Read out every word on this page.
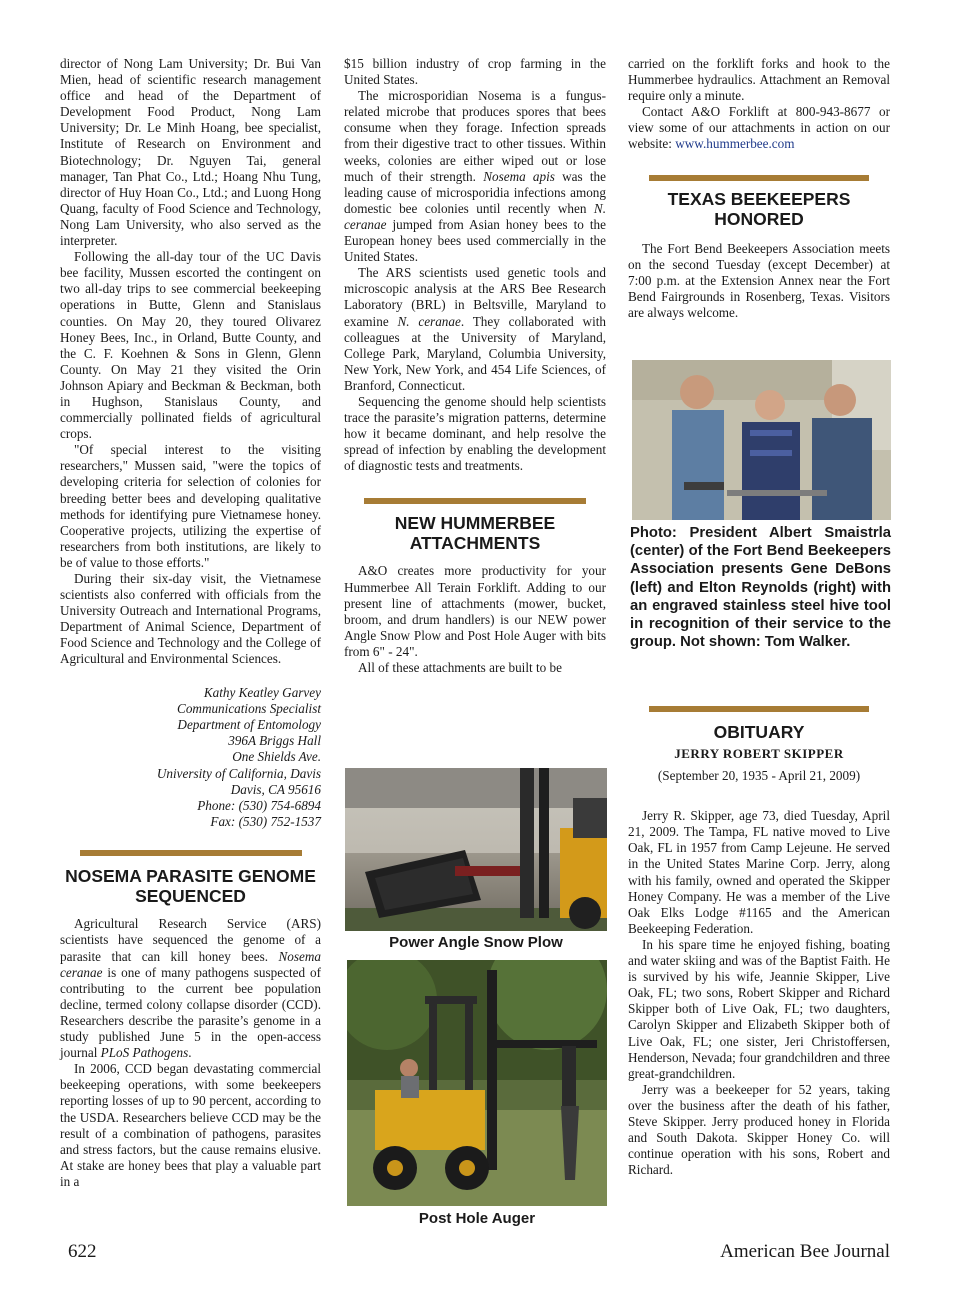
director of Nong Lam University; Dr. Bui Van Mien, head of scientific research management office and head of the Department of Development Food Product, Nong Lam University; Dr. Le Minh Hoang, bee specialist, Institute of Research on Environment and Biotechnology; Dr. Nguyen Tai, general manager, Tan Phat Co., Ltd.; Hoang Nhu Tung, director of Huy Hoan Co., Ltd.; and Luong Hong Quang, faculty of Food Science and Technology, Nong Lam University, who also served as the interpreter.

Following the all-day tour of the UC Davis bee facility, Mussen escorted the contingent on two all-day trips to see commercial beekeeping operations in Butte, Glenn and Stanislaus counties. On May 20, they toured Olivarez Honey Bees, Inc., in Orland, Butte County, and the C. F. Koehnen & Sons in Glenn, Glenn County. On May 21 they visited the Orin Johnson Apiary and Beckman & Beckman, both in Hughson, Stanislaus County, and commercially pollinated fields of agricultural crops.

"Of special interest to the visiting researchers," Mussen said, "were the topics of developing criteria for selection of colonies for breeding better bees and developing qualitative methods for identifying pure Vietnamese honey. Cooperative projects, utilizing the expertise of researchers from both institutions, are likely to be of value to those efforts."

During their six-day visit, the Vietnamese scientists also conferred with officials from the University Outreach and International Programs, Department of Animal Science, Department of Food Science and Technology and the College of Agricultural and Environmental Sciences.

Kathy Keatley Garvey
Communications Specialist
Department of Entomology
396A Briggs Hall
One Shields Ave.
University of California, Davis
Davis, CA 95616
Phone: (530) 754-6894
Fax: (530) 752-1537
NOSEMA PARASITE GENOME SEQUENCED

Agricultural Research Service (ARS) scientists have sequenced the genome of a parasite that can kill honey bees. Nosema ceranae is one of many pathogens suspected of contributing to the current bee population decline, termed colony collapse disorder (CCD). Researchers describe the parasite’s genome in a study published June 5 in the open-access journal PLoS Pathogens.

In 2006, CCD began devastating commercial beekeeping operations, with some beekeepers reporting losses of up to 90 percent, according to the USDA. Researchers believe CCD may be the result of a combination of pathogens, parasites and stress factors, but the cause remains elusive. At stake are honey bees that play a valuable part in a

$15 billion industry of crop farming in the United States.

The microsporidian Nosema is a fungus-related microbe that produces spores that bees consume when they forage. Infection spreads from their digestive tract to other tissues. Within weeks, colonies are either wiped out or lose much of their strength. Nosema apis was the leading cause of microsporidia infections among domestic bee colonies until recently when N. ceranae jumped from Asian honey bees to the European honey bees used commercially in the United States.

The ARS scientists used genetic tools and microscopic analysis at the ARS Bee Research Laboratory (BRL) in Beltsville, Maryland to examine N. ceranae. They collaborated with colleagues at the University of Maryland, College Park, Maryland, Columbia University, New York, New York, and 454 Life Sciences, of Branford, Connecticut.

Sequencing the genome should help scientists trace the parasite’s migration patterns, determine how it became dominant, and help resolve the spread of infection by enabling the development of diagnostic tests and treatments.

NEW HUMMERBEE ATTACHMENTS

A&O creates more productivity for your Hummerbee All Terain Forklift. Adding to our present line of attachments (mower, bucket, broom, and drum handlers) is our NEW power Angle Snow Plow and Post Hole Auger with bits from 6" - 24".

All of these attachments are built to be

Power Angle Snow Plow
Post Hole Auger

carried on the forklift forks and hook to the Hummerbee hydraulics. Attachment an Removal require only a minute.

Contact A&O Forklift at 800-943-8677 or view some of our attachments in action on our website: www.hummerbee.com

TEXAS BEEKEEPERS HONORED

The Fort Bend Beekeepers Association meets on the second Tuesday (except December) at 7:00 p.m. at the Extension Annex near the Fort Bend Fairgrounds in Rosenberg, Texas. Visitors are always welcome.

Photo: President Albert Smaistrla (center) of the Fort Bend Beekeepers Association presents Gene DeBons (left) and Elton Reynolds (right) with an engraved stainless steel hive tool in recognition of their service to the group. Not shown: Tom Walker.
OBITUARY
JERRY ROBERT SKIPPER
(September 20, 1935 - April 21, 2009)

Jerry R. Skipper, age 73, died Tuesday, April 21, 2009. The Tampa, FL native moved to Live Oak, FL in 1957 from Camp Lejeune. He served in the United States Marine Corp. Jerry, along with his family, owned and operated the Skipper Honey Company. He was a member of the Live Oak Elks Lodge #1165 and the American Beekeeping Federation.

In his spare time he enjoyed fishing, boating and water skiing and was of the Baptist Faith. He is survived by his wife, Jeannie Skipper, Live Oak, FL; two sons, Robert Skipper and Richard Skipper both of Live Oak, FL; two daughters, Carolyn Skipper and Elizabeth Skipper both of Live Oak, FL; one sister, Jeri Christoffersen, Henderson, Nevada; four grandchildren and three great-grandchildren.

Jerry was a beekeeper for 52 years, taking over the business after the death of his father, Steve Skipper. Jerry produced honey in Florida and South Dakota. Skipper Honey Co. will continue operation with his sons, Robert and Richard.

622	American Bee Journal
